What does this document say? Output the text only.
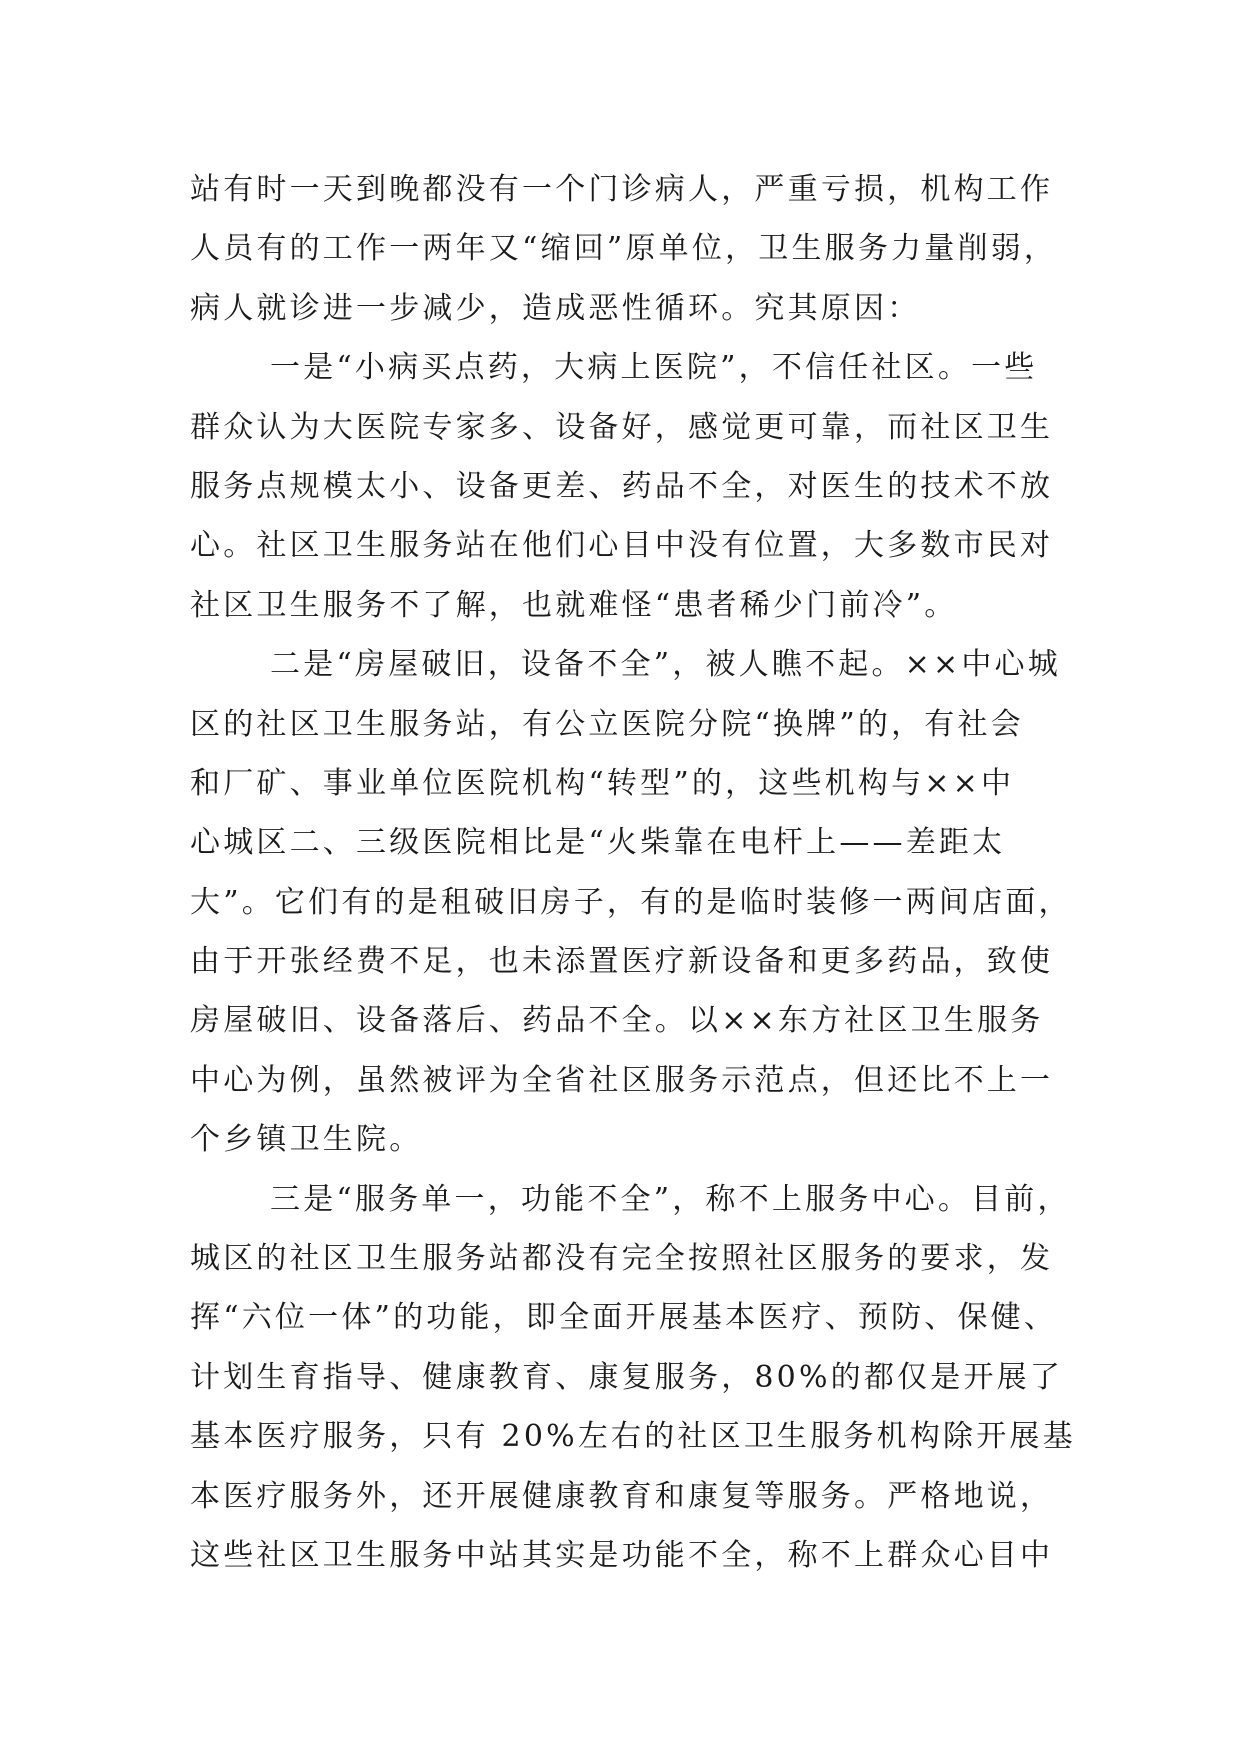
站有时一天到晚都没有一个门诊病人，严重亏损，机构工作
人员有的工作一两年又“缩回”原单位，卫生服务力量削弱，
病人就诊进一步减少，造成恶性循环。究其原因：
一是“小病买点药，大病上医院”，不信任社区。一些
群众认为大医院专家多、设备好，感觉更可靠，而社区卫生
服务点规模太小、设备更差、药品不全，对医生的技术不放
心。社区卫生服务站在他们心目中没有位置，大多数市民对
社区卫生服务不了解，也就难怪“患者稀少门前冷”。
二是“房屋破旧，设备不全”，被人瞧不起。××中心城
区的社区卫生服务站，有公立医院分院“换牌”的，有社会
和厂矿、事业单位医院机构“转型”的，这些机构与××中
心城区二、三级医院相比是“火柴靠在电杆上——差距太
大”。它们有的是租破旧房子，有的是临时装修一两间店面，
由于开张经费不足，也未添置医疗新设备和更多药品，致使
房屋破旧、设备落后、药品不全。以××东方社区卫生服务
中心为例，虽然被评为全省社区服务示范点，但还比不上一
个乡镇卫生院。
三是“服务单一，功能不全”，称不上服务中心。目前，
城区的社区卫生服务站都没有完全按照社区服务的要求，发
挥“六位一体”的功能，即全面开展基本医疗、预防、保健、
计划生育指导、健康教育、康复服务，80%的都仅是开展了
基本医疗服务，只有 20%左右的社区卫生服务机构除开展基
本医疗服务外，还开展健康教育和康复等服务。严格地说，
这些社区卫生服务中站其实是功能不全，称不上群众心目中
